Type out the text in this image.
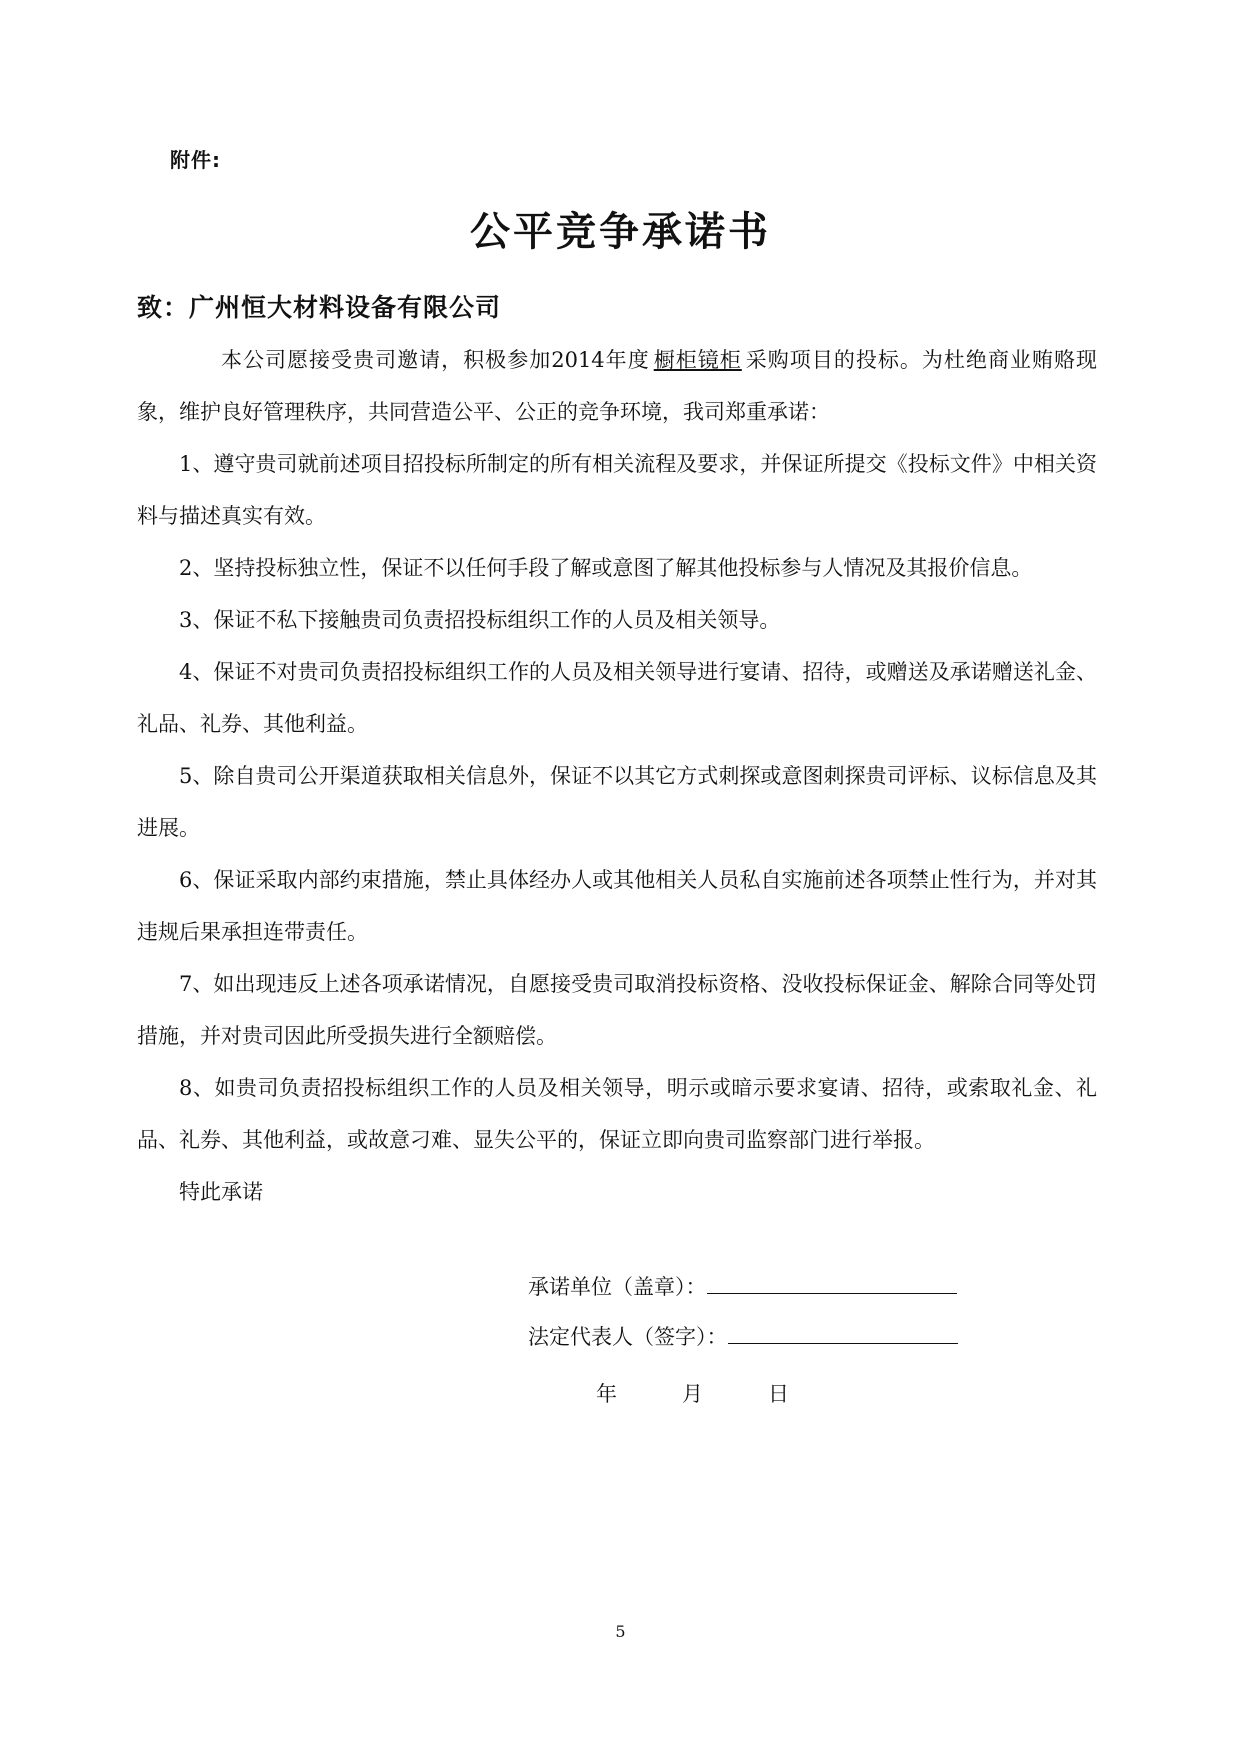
附件:
公平竞争承诺书
致：广州恒大材料设备有限公司

本公司愿接受贵司邀请，积极参加2014年度 橱柜镜柜 采购项目的投标。为杜绝商业贿赂现象，维护良好管理秩序，共同营造公平、公正的竞争环境，我司郑重承诺：

1、遵守贵司就前述项目招投标所制定的所有相关流程及要求，并保证所提交《投标文件》中相关资料与描述真实有效。

2、坚持投标独立性，保证不以任何手段了解或意图了解其他投标参与人情况及其报价信息。

3、保证不私下接触贵司负责招投标组织工作的人员及相关领导。

4、保证不对贵司负责招投标组织工作的人员及相关领导进行宴请、招待，或赠送及承诺赠送礼金、礼品、礼券、其他利益。

5、除自贵司公开渠道获取相关信息外，保证不以其它方式刺探或意图刺探贵司评标、议标信息及其进展。

6、保证采取内部约束措施，禁止具体经办人或其他相关人员私自实施前述各项禁止性行为，并对其违规后果承担连带责任。

7、如出现违反上述各项承诺情况，自愿接受贵司取消投标资格、没收投标保证金、解除合同等处罚措施，并对贵司因此所受损失进行全额赔偿。

8、如贵司负责招投标组织工作的人员及相关领导，明示或暗示要求宴请、招待，或索取礼金、礼品、礼券、其他利益，或故意刁难、显失公平的，保证立即向贵司监察部门进行举报。

特此承诺

承诺单位（盖章）：
法定代表人（签字）：
年	月	日
5
